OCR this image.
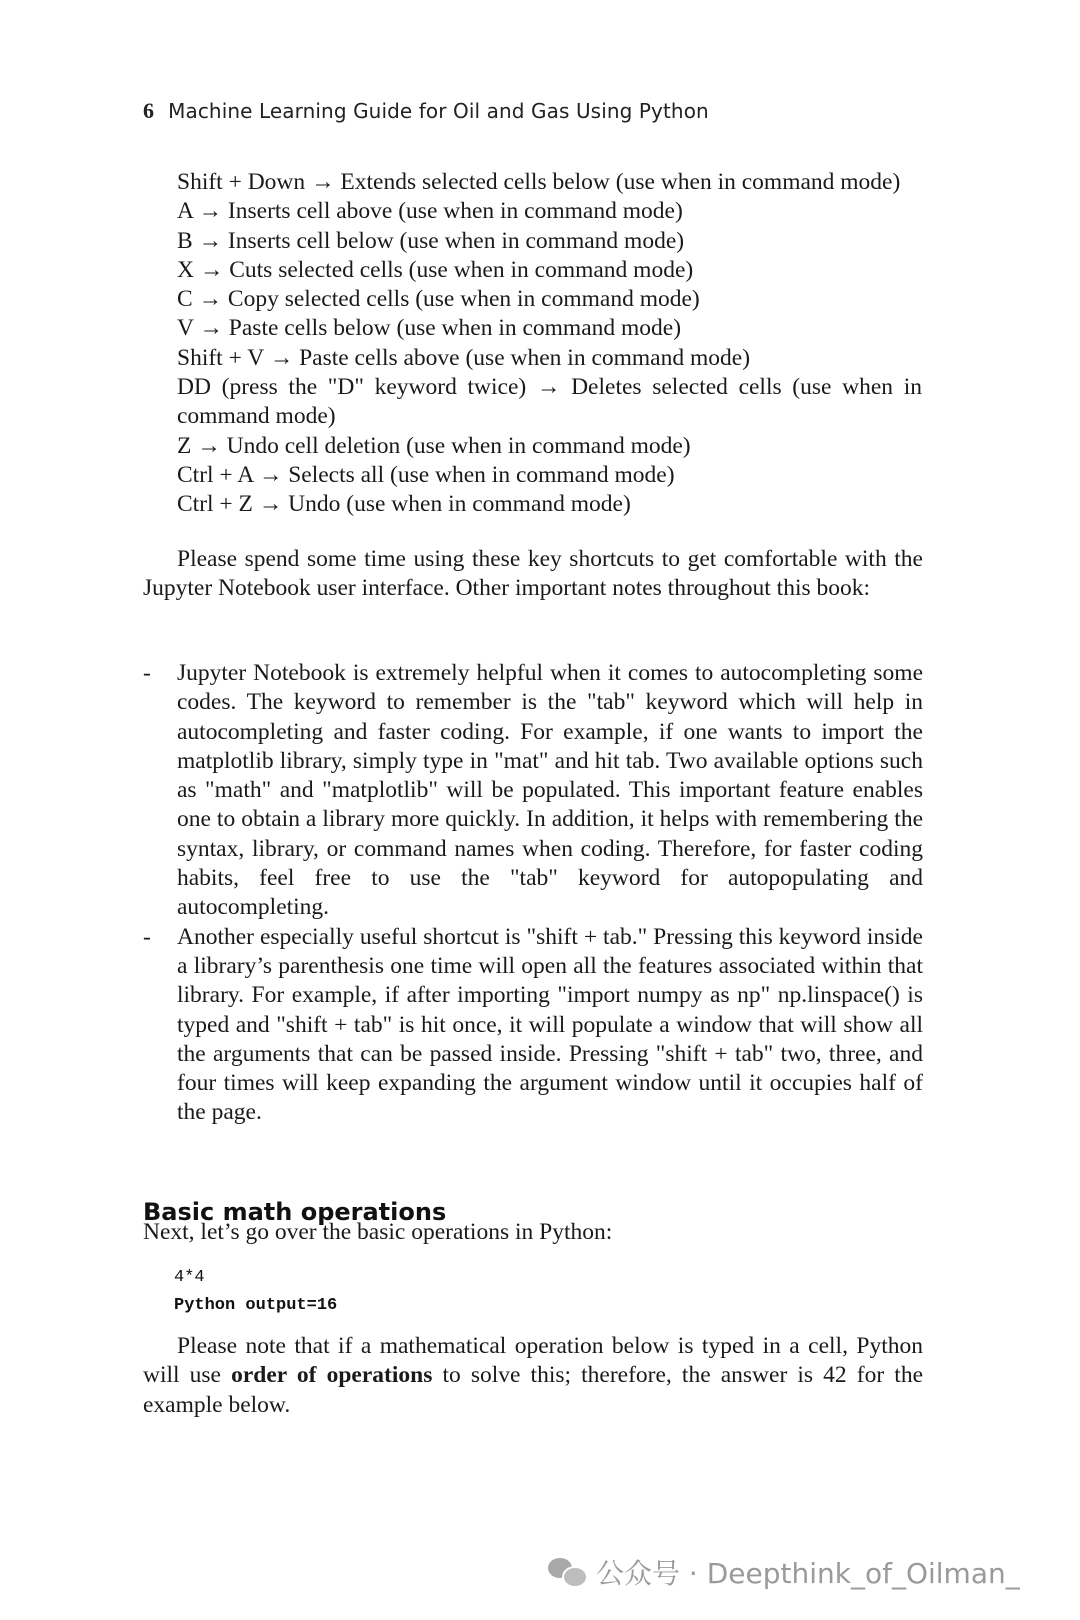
6 Machine Learning Guide for Oil and Gas Using Python
Shift + Down → Extends selected cells below (use when in command mode)
A → Inserts cell above (use when in command mode)
B → Inserts cell below (use when in command mode)
X → Cuts selected cells (use when in command mode)
C → Copy selected cells (use when in command mode)
V → Paste cells below (use when in command mode)
Shift + V → Paste cells above (use when in command mode)
DD (press the "D" keyword twice) → Deletes selected cells (use when in command mode)
Z → Undo cell deletion (use when in command mode)
Ctrl + A → Selects all (use when in command mode)
Ctrl + Z → Undo (use when in command mode)

Please spend some time using these key shortcuts to get comfortable with the Jupyter Notebook user interface. Other important notes throughout this book:

- Jupyter Notebook is extremely helpful when it comes to autocompleting some codes. The keyword to remember is the "tab" keyword which will help in autocompleting and faster coding. For example, if one wants to import the matplotlib library, simply type in "mat" and hit tab. Two available options such as "math" and "matplotlib" will be populated. This important feature enables one to obtain a library more quickly. In addition, it helps with remembering the syntax, library, or command names when coding. Therefore, for faster coding habits, feel free to use the "tab" keyword for autopopulating and autocompleting.
- Another especially useful shortcut is "shift + tab." Pressing this keyword inside a library’s parenthesis one time will open all the features associated within that library. For example, if after importing "import numpy as np" np.linspace() is typed and "shift + tab" is hit once, it will populate a window that will show all the arguments that can be passed inside. Pressing "shift + tab" two, three, and four times will keep expanding the argument window until it occupies half of the page.
Basic math operations

Next, let’s go over the basic operations in Python:

4*4
Python output=16

Please note that if a mathematical operation below is typed in a cell, Python will use order of operations to solve this; therefore, the answer is 42 for the example below.

公众号 · Deepthink_of_Oilman_
